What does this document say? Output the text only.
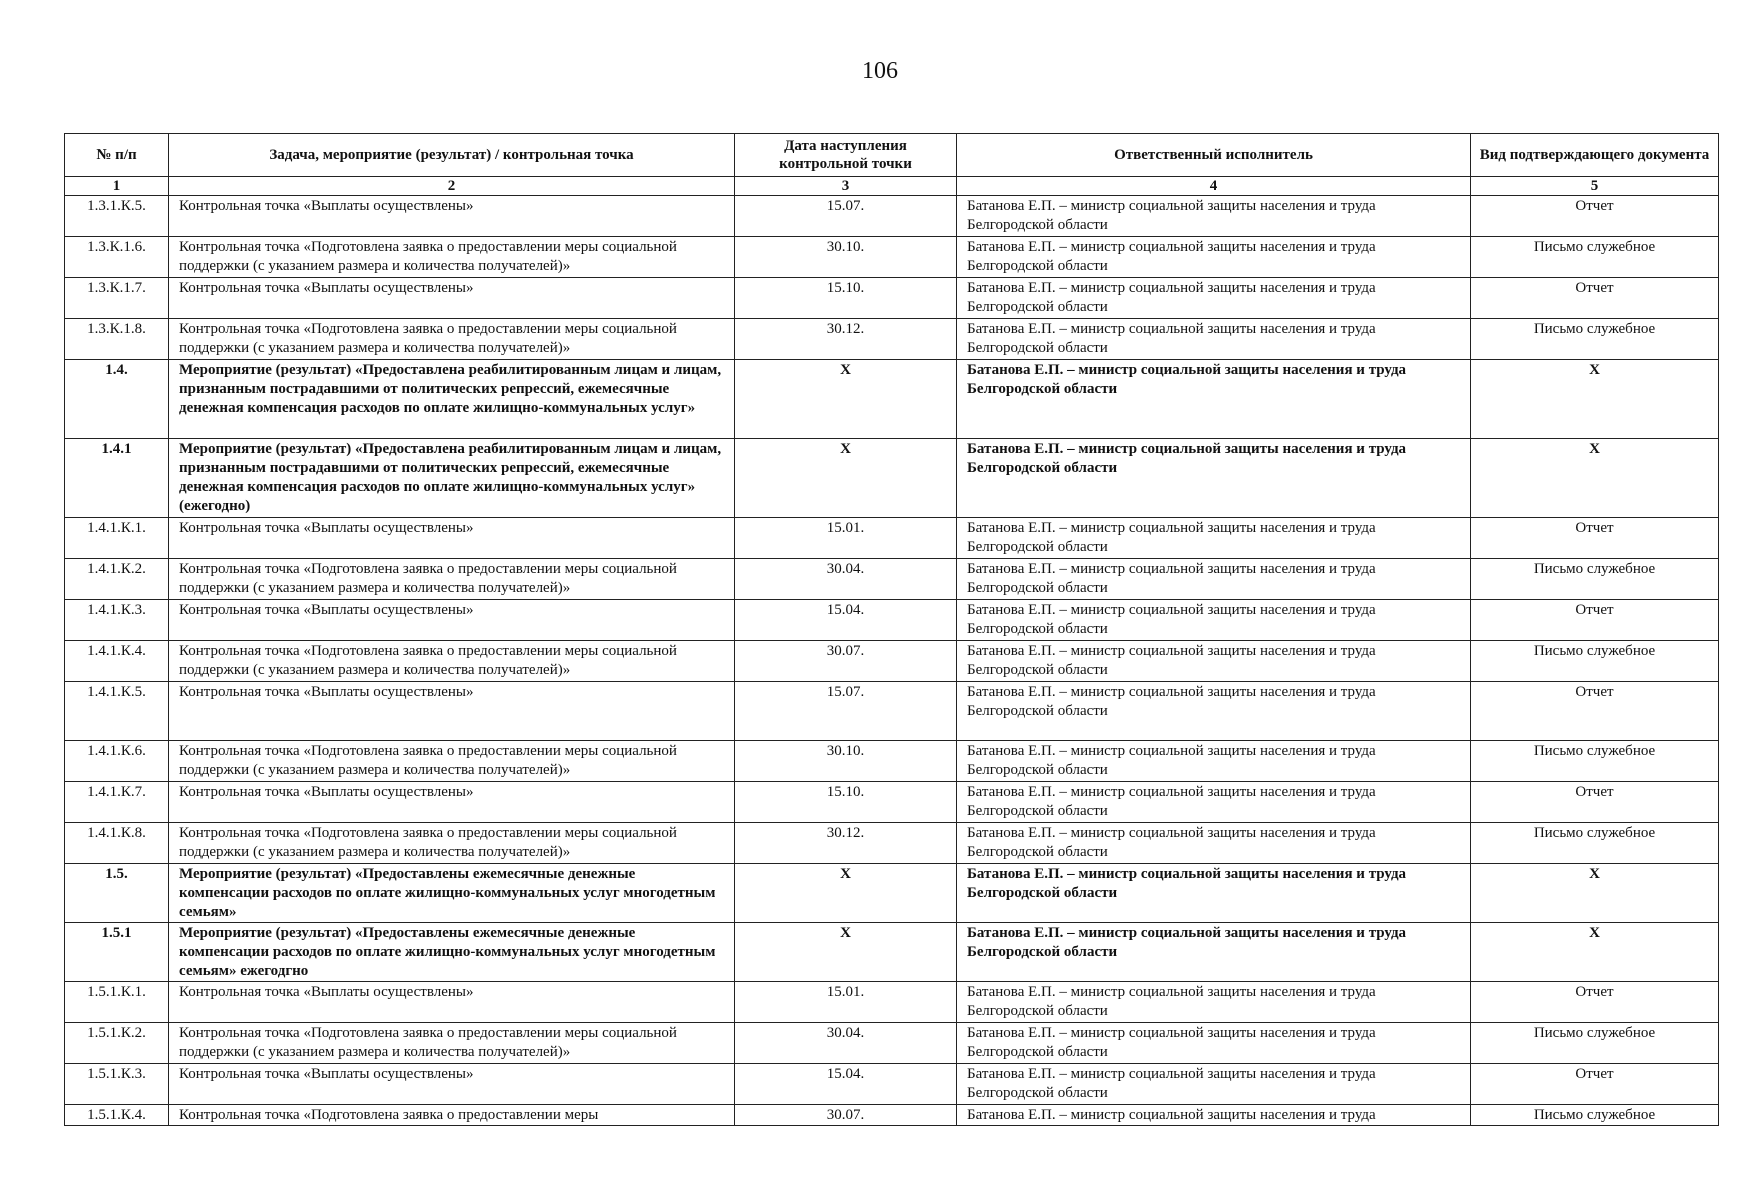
106
№ п/п	Задача, мероприятие (результат) / контрольная точка	Дата наступления контрольной точки	Ответственный исполнитель	Вид подтверждающего документа
1	2	3	4	5
1.3.1.К.5.	Контрольная точка «Выплаты осуществлены»	15.07.	Батанова Е.П. – министр социальной защиты населения и труда Белгородской области	Отчет
1.3.К.1.6.	Контрольная точка «Подготовлена заявка о предоставлении меры социальной поддержки (с указанием размера и количества получателей)»	30.10.	Батанова Е.П. – министр социальной защиты населения и труда Белгородской области	Письмо служебное
1.3.К.1.7.	Контрольная точка «Выплаты осуществлены»	15.10.	Батанова Е.П. – министр социальной защиты населения и труда Белгородской области	Отчет
1.3.К.1.8.	Контрольная точка «Подготовлена заявка о предоставлении меры социальной поддержки (с указанием размера и количества получателей)»	30.12.	Батанова Е.П. – министр социальной защиты населения и труда Белгородской области	Письмо служебное
1.4.	Мероприятие (результат) «Предоставлена реабилитированным лицам и лицам, признанным пострадавшими от политических репрессий, ежемесячные денежная компенсация расходов по оплате жилищно-коммунальных услуг»	X	Батанова Е.П. – министр социальной защиты населения и труда Белгородской области	X
1.4.1	Мероприятие (результат) «Предоставлена реабилитированным лицам и лицам, признанным пострадавшими от политических репрессий, ежемесячные денежная компенсация расходов по оплате жилищно-коммунальных услуг» (ежегодно)	X	Батанова Е.П. – министр социальной защиты населения и труда Белгородской области	X
1.4.1.К.1.	Контрольная точка «Выплаты осуществлены»	15.01.	Батанова Е.П. – министр социальной защиты населения и труда Белгородской области	Отчет
1.4.1.К.2.	Контрольная точка «Подготовлена заявка о предоставлении меры социальной поддержки (с указанием размера и количества получателей)»	30.04.	Батанова Е.П. – министр социальной защиты населения и труда Белгородской области	Письмо служебное
1.4.1.К.3.	Контрольная точка «Выплаты осуществлены»	15.04.	Батанова Е.П. – министр социальной защиты населения и труда Белгородской области	Отчет
1.4.1.К.4.	Контрольная точка «Подготовлена заявка о предоставлении меры социальной поддержки (с указанием размера и количества получателей)»	30.07.	Батанова Е.П. – министр социальной защиты населения и труда Белгородской области	Письмо служебное
1.4.1.К.5.	Контрольная точка «Выплаты осуществлены»	15.07.	Батанова Е.П. – министр социальной защиты населения и труда Белгородской области	Отчет
1.4.1.К.6.	Контрольная точка «Подготовлена заявка о предоставлении меры социальной поддержки (с указанием размера и количества получателей)»	30.10.	Батанова Е.П. – министр социальной защиты населения и труда Белгородской области	Письмо служебное
1.4.1.К.7.	Контрольная точка «Выплаты осуществлены»	15.10.	Батанова Е.П. – министр социальной защиты населения и труда Белгородской области	Отчет
1.4.1.К.8.	Контрольная точка «Подготовлена заявка о предоставлении меры социальной поддержки (с указанием размера и количества получателей)»	30.12.	Батанова Е.П. – министр социальной защиты населения и труда Белгородской области	Письмо служебное
1.5.	Мероприятие (результат) «Предоставлены ежемесячные денежные компенсации расходов по оплате жилищно-коммунальных услуг многодетным семьям»	X	Батанова Е.П. – министр социальной защиты населения и труда Белгородской области	X
1.5.1	Мероприятие (результат) «Предоставлены ежемесячные денежные компенсации расходов по оплате жилищно-коммунальных услуг многодетным семьям» ежегодгно	X	Батанова Е.П. – министр социальной защиты населения и труда Белгородской области	X
1.5.1.К.1.	Контрольная точка «Выплаты осуществлены»	15.01.	Батанова Е.П. – министр социальной защиты населения и труда Белгородской области	Отчет
1.5.1.К.2.	Контрольная точка «Подготовлена заявка о предоставлении меры социальной поддержки (с указанием размера и количества получателей)»	30.04.	Батанова Е.П. – министр социальной защиты населения и труда Белгородской области	Письмо служебное
1.5.1.К.3.	Контрольная точка «Выплаты осуществлены»	15.04.	Батанова Е.П. – министр социальной защиты населения и труда Белгородской области	Отчет
1.5.1.К.4.	Контрольная точка «Подготовлена заявка о предоставлении меры	30.07.	Батанова Е.П. – министр социальной защиты населения и труда	Письмо служебное
